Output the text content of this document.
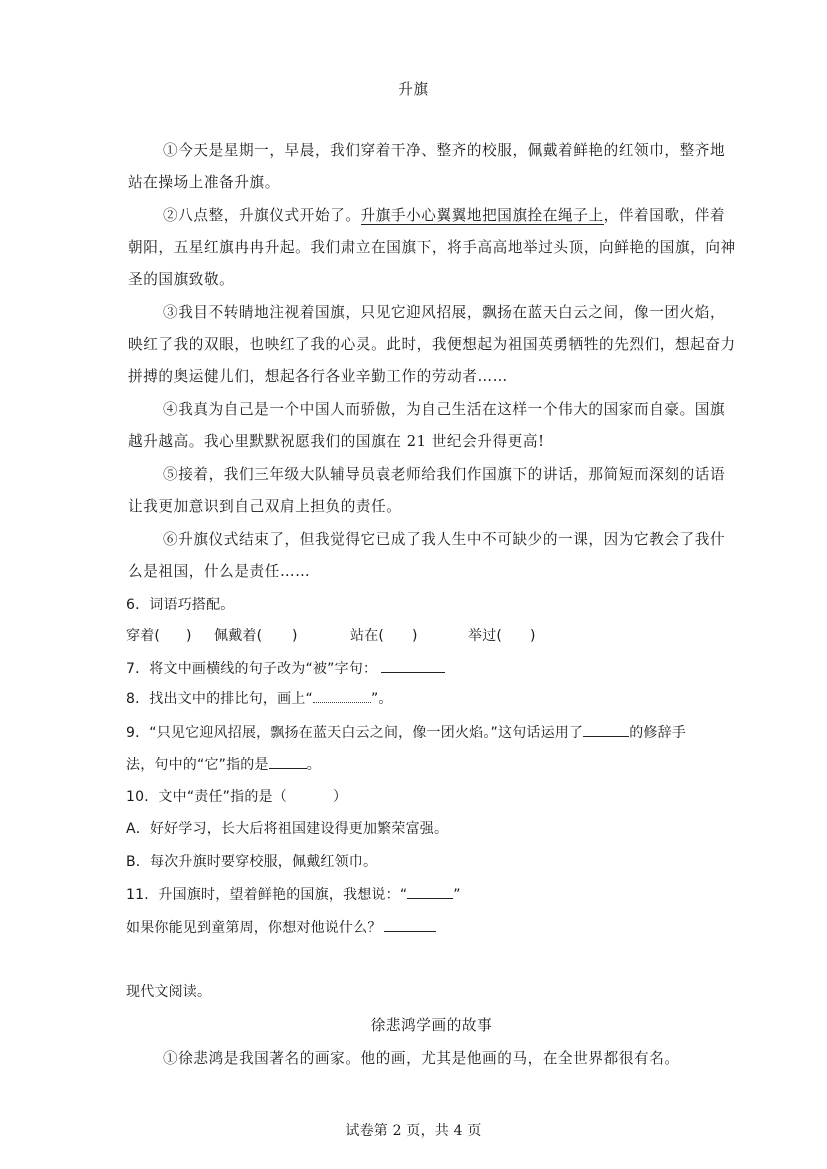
升旗
①今天是星期一，早晨，我们穿着干净、整齐的校服，佩戴着鲜艳的红领巾，整齐地
站在操场上准备升旗。
②八点整，升旗仪式开始了。升旗手小心翼翼地把国旗拴在绳子上，伴着国歌，伴着
朝阳，五星红旗冉冉升起。我们肃立在国旗下，将手高高地举过头顶，向鲜艳的国旗，向神
圣的国旗致敬。
③我目不转睛地注视着国旗，只见它迎风招展，飘扬在蓝天白云之间，像一团火焰，
映红了我的双眼，也映红了我的心灵。此时，我便想起为祖国英勇牺牲的先烈们，想起奋力
拼搏的奥运健儿们，想起各行各业辛勤工作的劳动者……
④我真为自己是一个中国人而骄傲，为自己生活在这样一个伟大的国家而自豪。国旗
越升越高。我心里默默祝愿我们的国旗在 21 世纪会升得更高!
⑤接着，我们三年级大队辅导员袁老师给我们作国旗下的讲话，那简短而深刻的话语
让我更加意识到自己双肩上担负的责任。
⑥升旗仪式结束了，但我觉得它已成了我人生中不可缺少的一课，因为它教会了我什
么是祖国，什么是责任……
6．词语巧搭配。
穿着( ) 佩戴着( )	站在( )	举过( )
7．将文中画横线的句子改为“被”字句：
8．找出文中的排比句，画上“	”。
9．“只见它迎风招展，飘扬在蓝天白云之间，像一团火焰。”这句话运用了	的修辞手
法，句中的“它”指的是	。
10．文中“责任”指的是（	）
A．好好学习，长大后将祖国建设得更加繁荣富强。
B．每次升旗时要穿校服，佩戴红领巾。
11．升国旗时，望着鲜艳的国旗，我想说：“	”
如果你能见到童第周，你想对他说什么？
现代文阅读。
徐悲鸿学画的故事
①徐悲鸿是我国著名的画家。他的画，尤其是他画的马，在全世界都很有名。
试卷第 2 页，共 4 页
